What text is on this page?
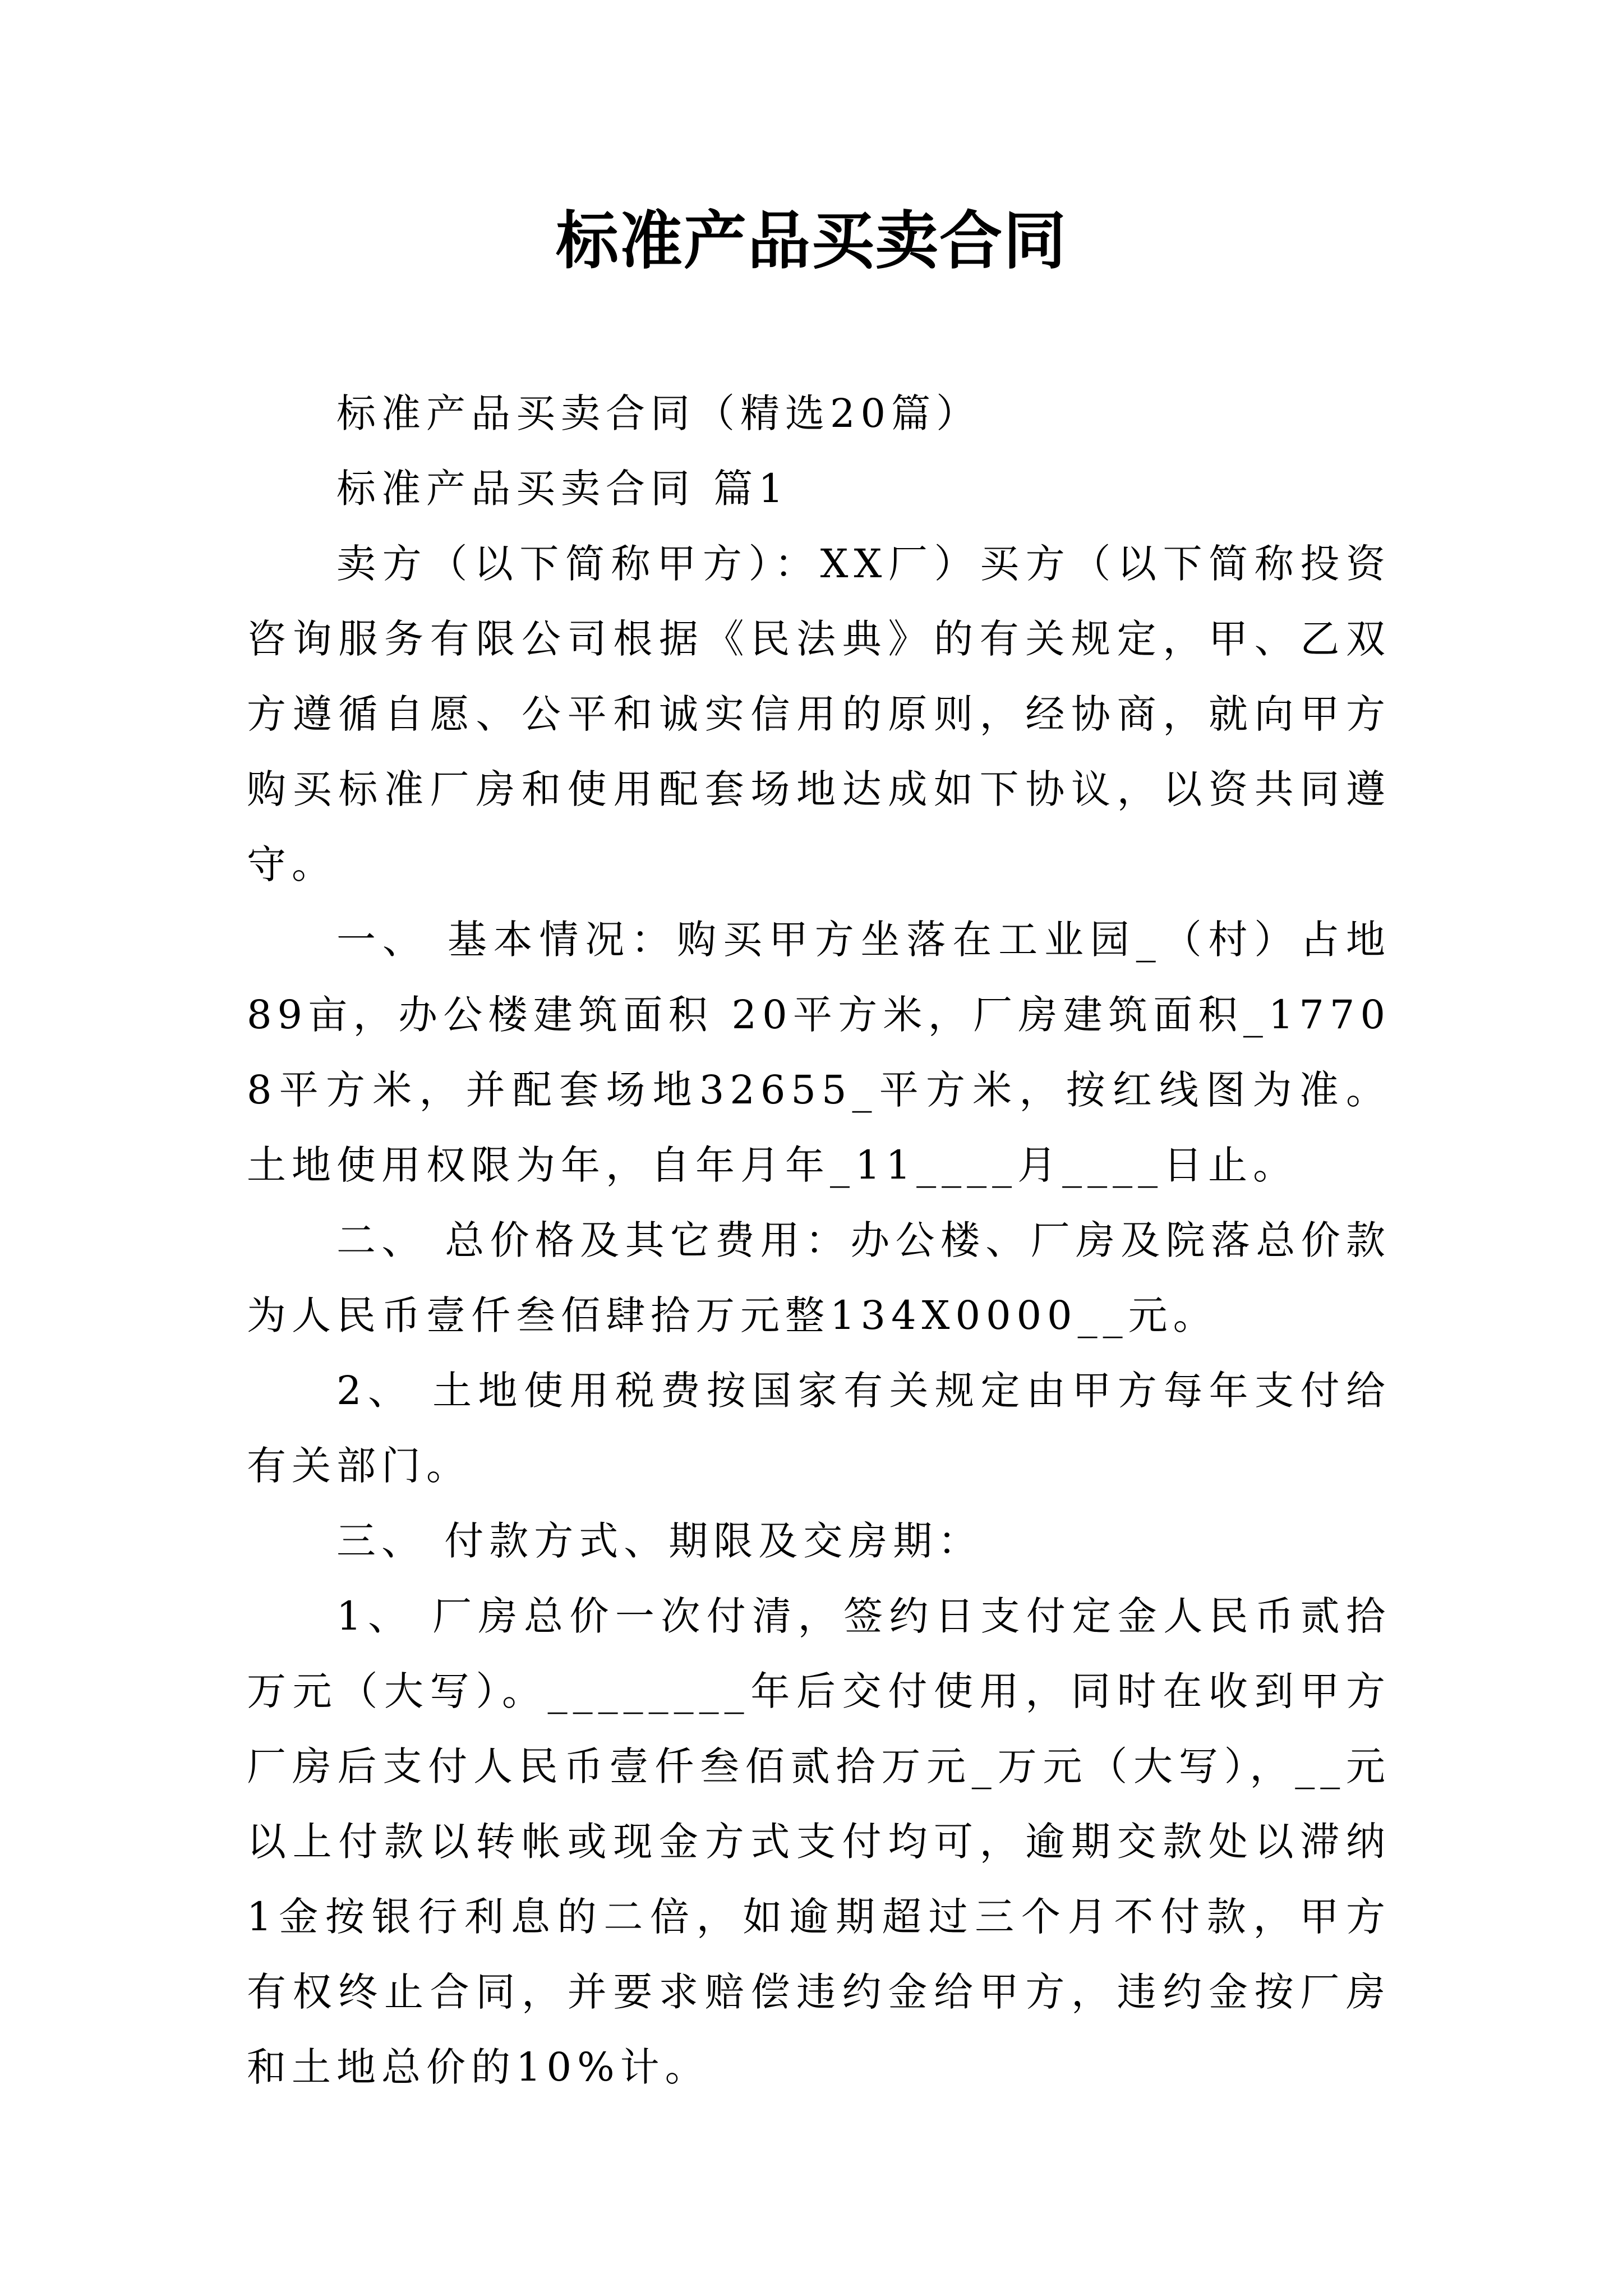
标准产品买卖合同

标准产品买卖合同（精选20篇）

标准产品买卖合同 篇1

卖方（以下简称甲方）：XX厂）买方（以下简称投资咨询服务有限公司根据《民法典》的有关规定，甲、乙双方遵循自愿、公平和诚实信用的原则，经协商，就向甲方购买标准厂房和使用配套场地达成如下协议，以资共同遵守。

一、 基本情况：购买甲方坐落在工业园_（村）占地89亩，办公楼建筑面积 20平方米，厂房建筑面积_17708平方米，并配套场地32655_平方米，按红线图为准。土地使用权限为年，自年月年_11____月____日止。

二、 总价格及其它费用：办公楼、厂房及院落总价款为人民币壹仟叁佰肆拾万元整134X0000__元。

2、 土地使用税费按国家有关规定由甲方每年支付给有关部门。

三、 付款方式、期限及交房期：

1、 厂房总价一次付清，签约日支付定金人民币贰拾万元（大写）。________年后交付使用，同时在收到甲方厂房后支付人民币壹仟叁佰贰拾万元_万元（大写），__元以上付款以转帐或现金方式支付均可，逾期交款处以滞纳 1金按银行利息的二倍，如逾期超过三个月不付款，甲方有权终止合同，并要求赔偿违约金给甲方，违约金按厂房和土地总价的10%计。
